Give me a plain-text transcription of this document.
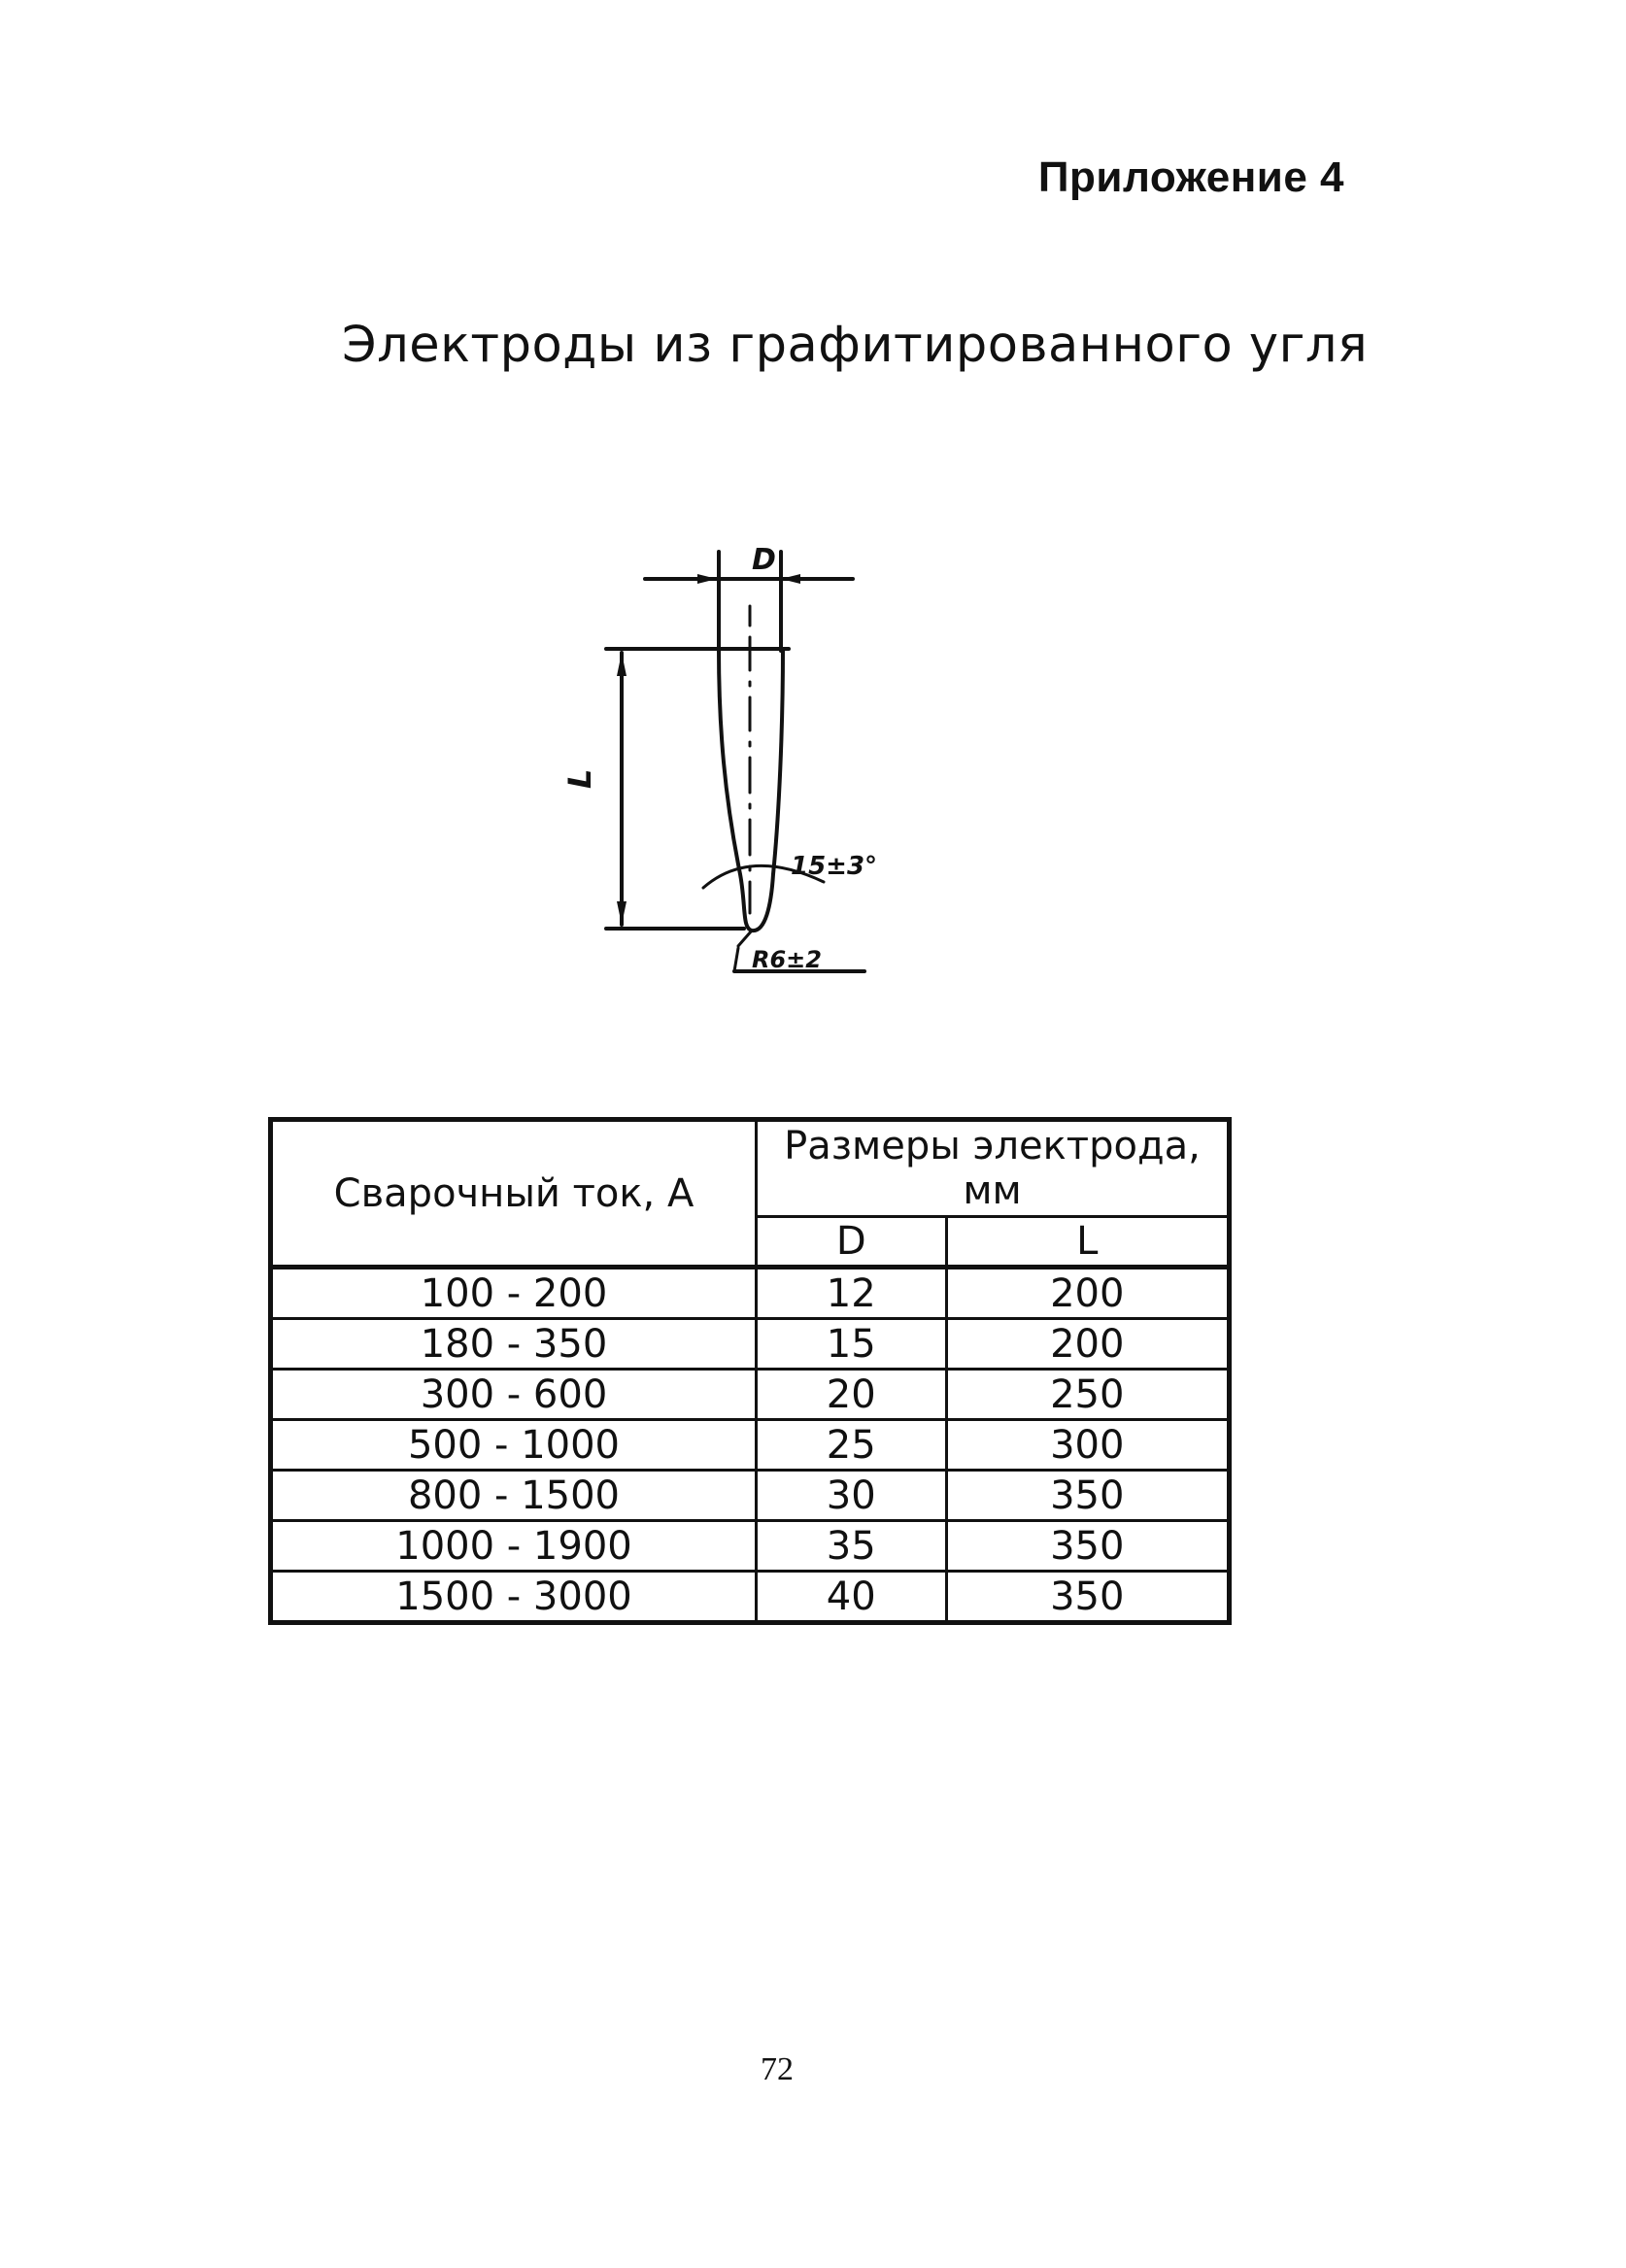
Приложение 4
Электроды из графитированного угля
D
L
15±3°
R6±2
Сварочный ток, А	Размеры электрода, мм	
	D	L
100 - 200	12	200
180 - 350	15	200
300 - 600	20	250
500 - 1000	25	300
800 - 1500	30	350
1000 - 1900	35	350
1500 - 3000	40	350
72
